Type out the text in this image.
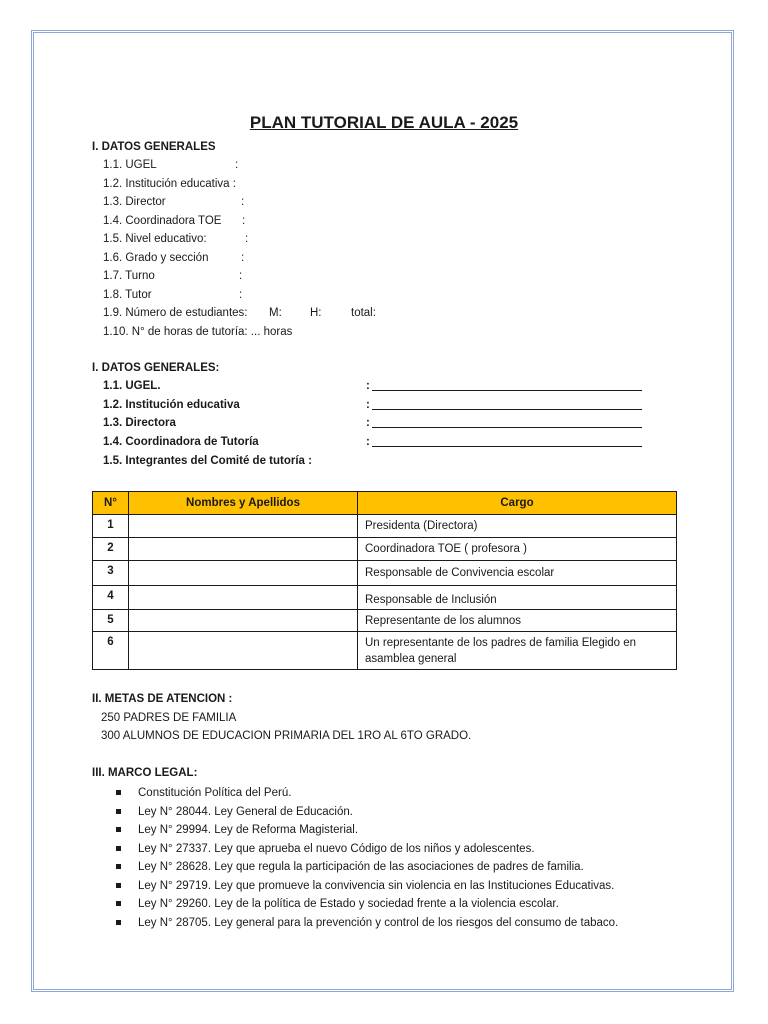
PLAN TUTORIAL DE AULA - 2025
I. DATOS GENERALES
1.1. UGEL	:
1.2. Institución educativa :
1.3. Director	:
1.4. Coordinadora TOE :
1.5. Nivel educativo:	:
1.6. Grado y sección	:
1.7. Turno	:
1.8. Tutor	:
1.9. Número de estudiantes: M: H:	total:
1.10. N° de horas de tutoría: ... horas
I. DATOS GENERALES:
1.1. UGEL.	:
1.2. Institución educativa	:
1.3. Directora	:
1.4. Coordinadora de Tutoría	:
1.5. Integrantes del Comité de tutoría :
N°	Nombres y Apellidos	Cargo
1		Presidenta (Directora)
2		Coordinadora TOE ( profesora )
3		Responsable de Convivencia escolar
4		Responsable de Inclusión
5		Representante de los alumnos
6		Un representante de los padres de familia Elegido en asamblea general
II. METAS DE ATENCION :
250 PADRES DE FAMILIA
300 ALUMNOS DE EDUCACION PRIMARIA DEL 1RO AL 6TO GRADO.
III. MARCO LEGAL:
Constitución Política del Perú.
Ley N° 28044. Ley General de Educación.
Ley N° 29994. Ley de Reforma Magisterial.
Ley N° 27337. Ley que aprueba el nuevo Código de los niños y adolescentes.
Ley N° 28628. Ley que regula la participación de las asociaciones de padres de familia.
Ley N° 29719. Ley que promueve la convivencia sin violencia en las Instituciones Educativas.
Ley N° 29260. Ley de la política de Estado y sociedad frente a la violencia escolar.
Ley N° 28705. Ley general para la prevención y control de los riesgos del consumo de tabaco.
